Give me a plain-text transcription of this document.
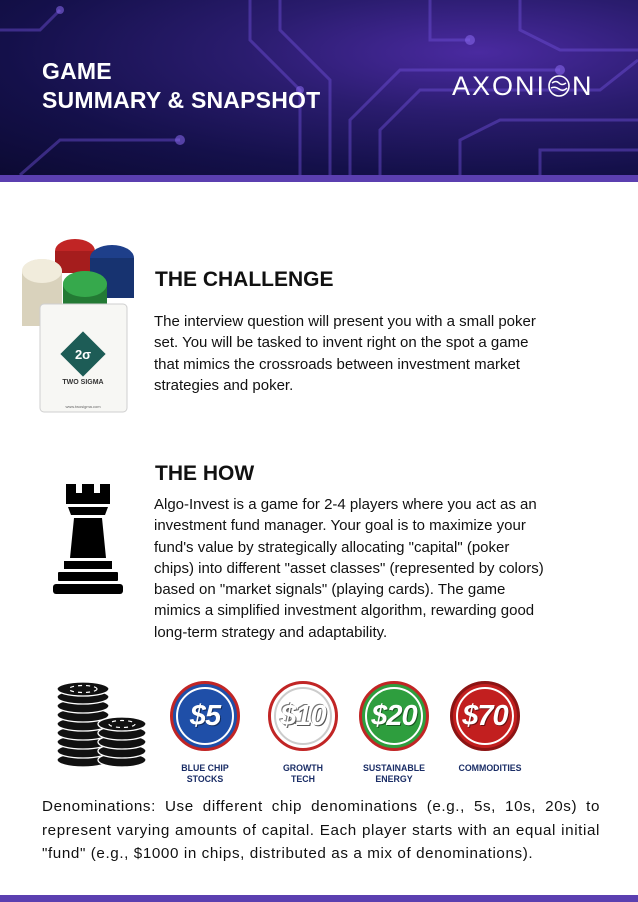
GAME
SUMMARY & SNAPSHOT	AXONI N
2σ
TWO SIGMA
www.twosigma.com
THE CHALLENGE
The interview question will present you with a small poker set. You will be tasked to invent right on the spot a game that mimics the crossroads between investment market strategies and poker.
THE HOW
Algo-Invest is a game for 2-4 players where you act as an investment fund manager. Your goal is to maximize your fund's value by strategically allocating "capital" (poker chips) into different "asset classes" (represented by colors) based on "market signals" (playing cards). The game mimics a simplified investment algorithm, rewarding good long-term strategy and adaptability.
$5 $10 $20 $70
BLUE CHIP
STOCKS
GROWTH
TECH
SUSTAINABLE
ENERGY
COMMODITIES
Denominations: Use different chip denominations (e.g., 5s, 10s, 20s) to represent varying amounts of capital. Each player starts with an equal initial "fund" (e.g., $1000 in chips, distributed as a mix of denominations).
